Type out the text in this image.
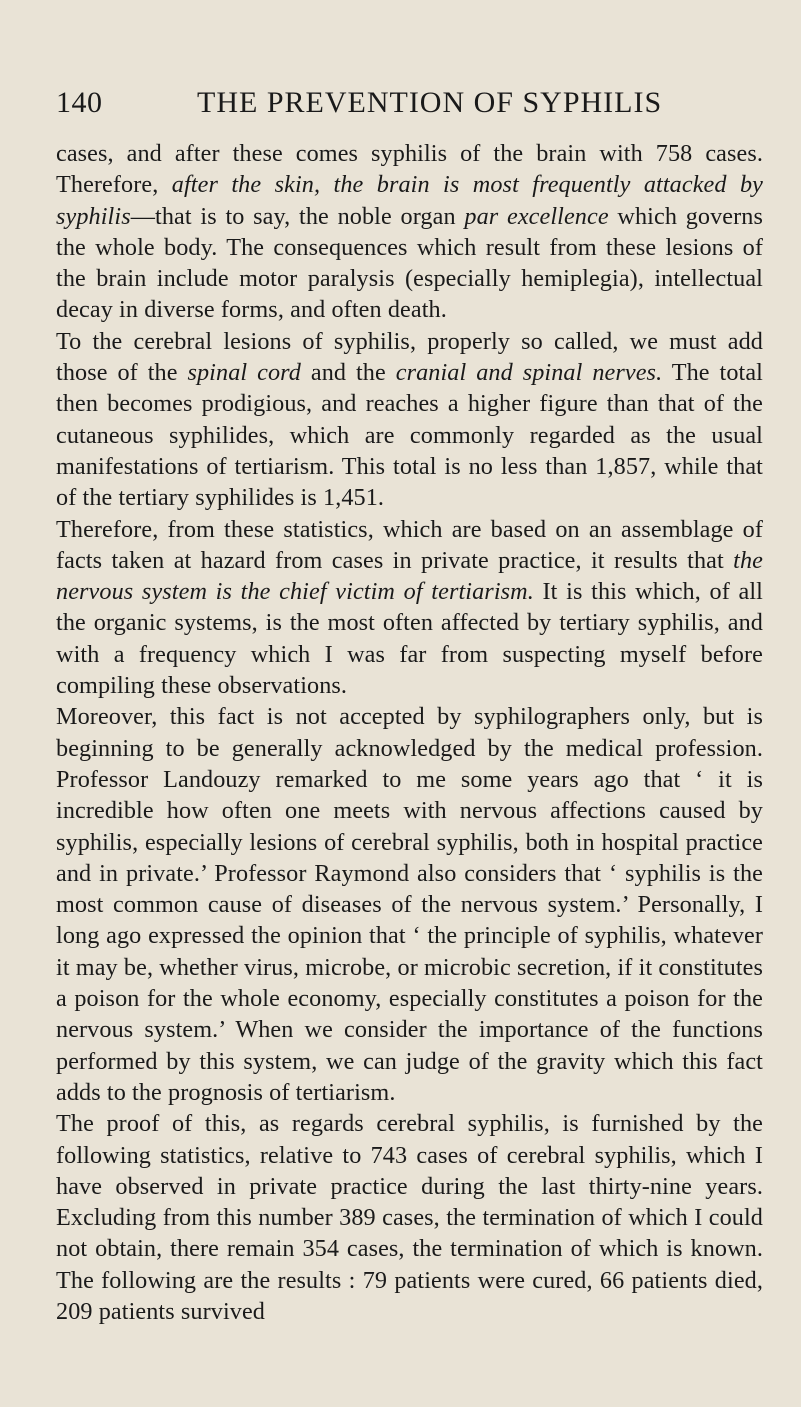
140	THE PREVENTION OF SYPHILIS

cases, and after these comes syphilis of the brain with 758 cases. Therefore, after the skin, the brain is most frequently attacked by syphilis—that is to say, the noble organ par excellence which governs the whole body. The consequences which result from these lesions of the brain include motor paralysis (especially hemiplegia), intellectual decay in diverse forms, and often death.

To the cerebral lesions of syphilis, properly so called, we must add those of the spinal cord and the cranial and spinal nerves. The total then becomes prodigious, and reaches a higher figure than that of the cutaneous syphilides, which are commonly regarded as the usual manifestations of tertiarism. This total is no less than 1,857, while that of the tertiary syphilides is 1,451.

Therefore, from these statistics, which are based on an assemblage of facts taken at hazard from cases in private practice, it results that the nervous system is the chief victim of tertiarism. It is this which, of all the organic systems, is the most often affected by tertiary syphilis, and with a frequency which I was far from suspecting myself before compiling these observations.

Moreover, this fact is not accepted by syphilographers only, but is beginning to be generally acknowledged by the medical profession. Professor Landouzy remarked to me some years ago that ‘ it is incredible how often one meets with nervous affections caused by syphilis, especially lesions of cerebral syphilis, both in hospital practice and in private.’ Professor Raymond also considers that ‘ syphilis is the most common cause of diseases of the nervous system.’ Personally, I long ago expressed the opinion that ‘ the principle of syphilis, whatever it may be, whether virus, microbe, or microbic secretion, if it constitutes a poison for the whole economy, especially constitutes a poison for the nervous system.’ When we consider the importance of the functions performed by this system, we can judge of the gravity which this fact adds to the prognosis of tertiarism.

The proof of this, as regards cerebral syphilis, is furnished by the following statistics, relative to 743 cases of cerebral syphilis, which I have observed in private practice during the last thirty-nine years. Excluding from this number 389 cases, the termination of which I could not obtain, there remain 354 cases, the termination of which is known. The following are the results : 79 patients were cured, 66 patients died, 209 patients survived
